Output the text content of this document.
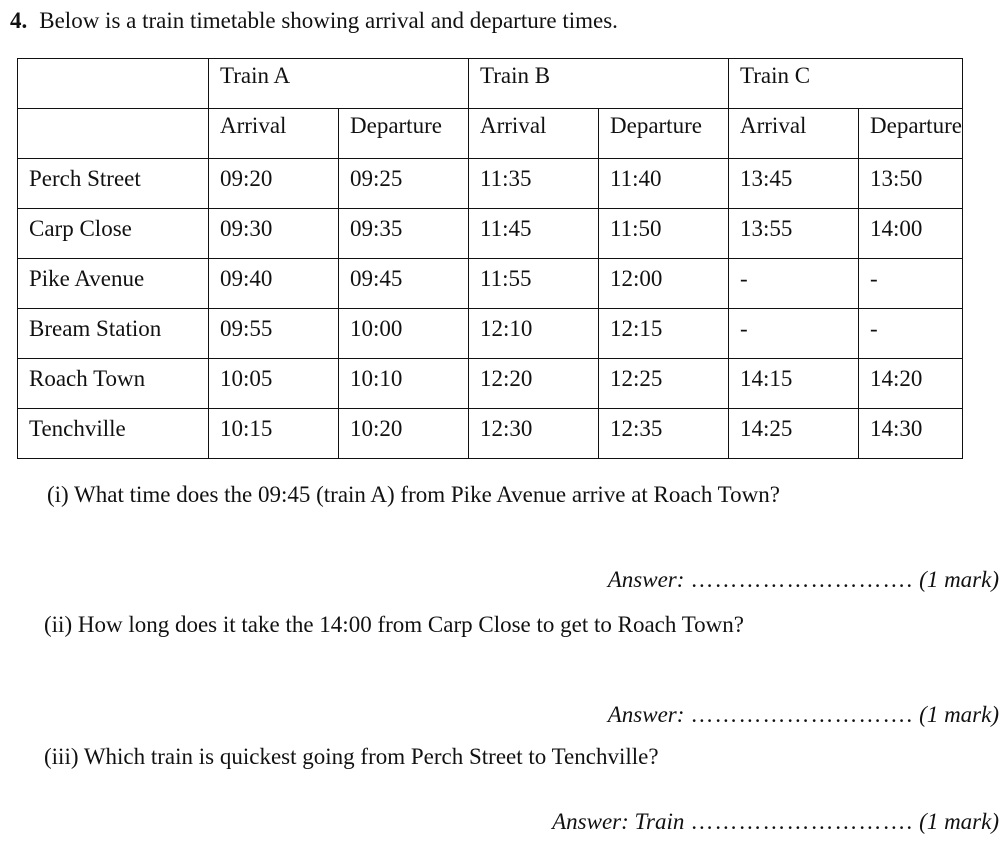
4. Below is a train timetable showing arrival and departure times.
	Train A		Train B		Train C	
	Arrival	Departure	Arrival	Departure	Arrival	Departure
Perch Street	09:20	09:25	11:35	11:40	13:45	13:50
Carp Close	09:30	09:35	11:45	11:50	13:55	14:00
Pike Avenue	09:40	09:45	11:55	12:00	-	-
Bream Station	09:55	10:00	12:10	12:15	-	-
Roach Town	10:05	10:10	12:20	12:25	14:15	14:20
Tenchville	10:15	10:20	12:30	12:35	14:25	14:30
(i) What time does the 09:45 (train A) from Pike Avenue arrive at Roach Town?
Answer: ………………………. (1 mark)
(ii) How long does it take the 14:00 from Carp Close to get to Roach Town?
Answer: ………………………. (1 mark)
(iii) Which train is quickest going from Perch Street to Tenchville?
Answer: Train ………………………. (1 mark)
